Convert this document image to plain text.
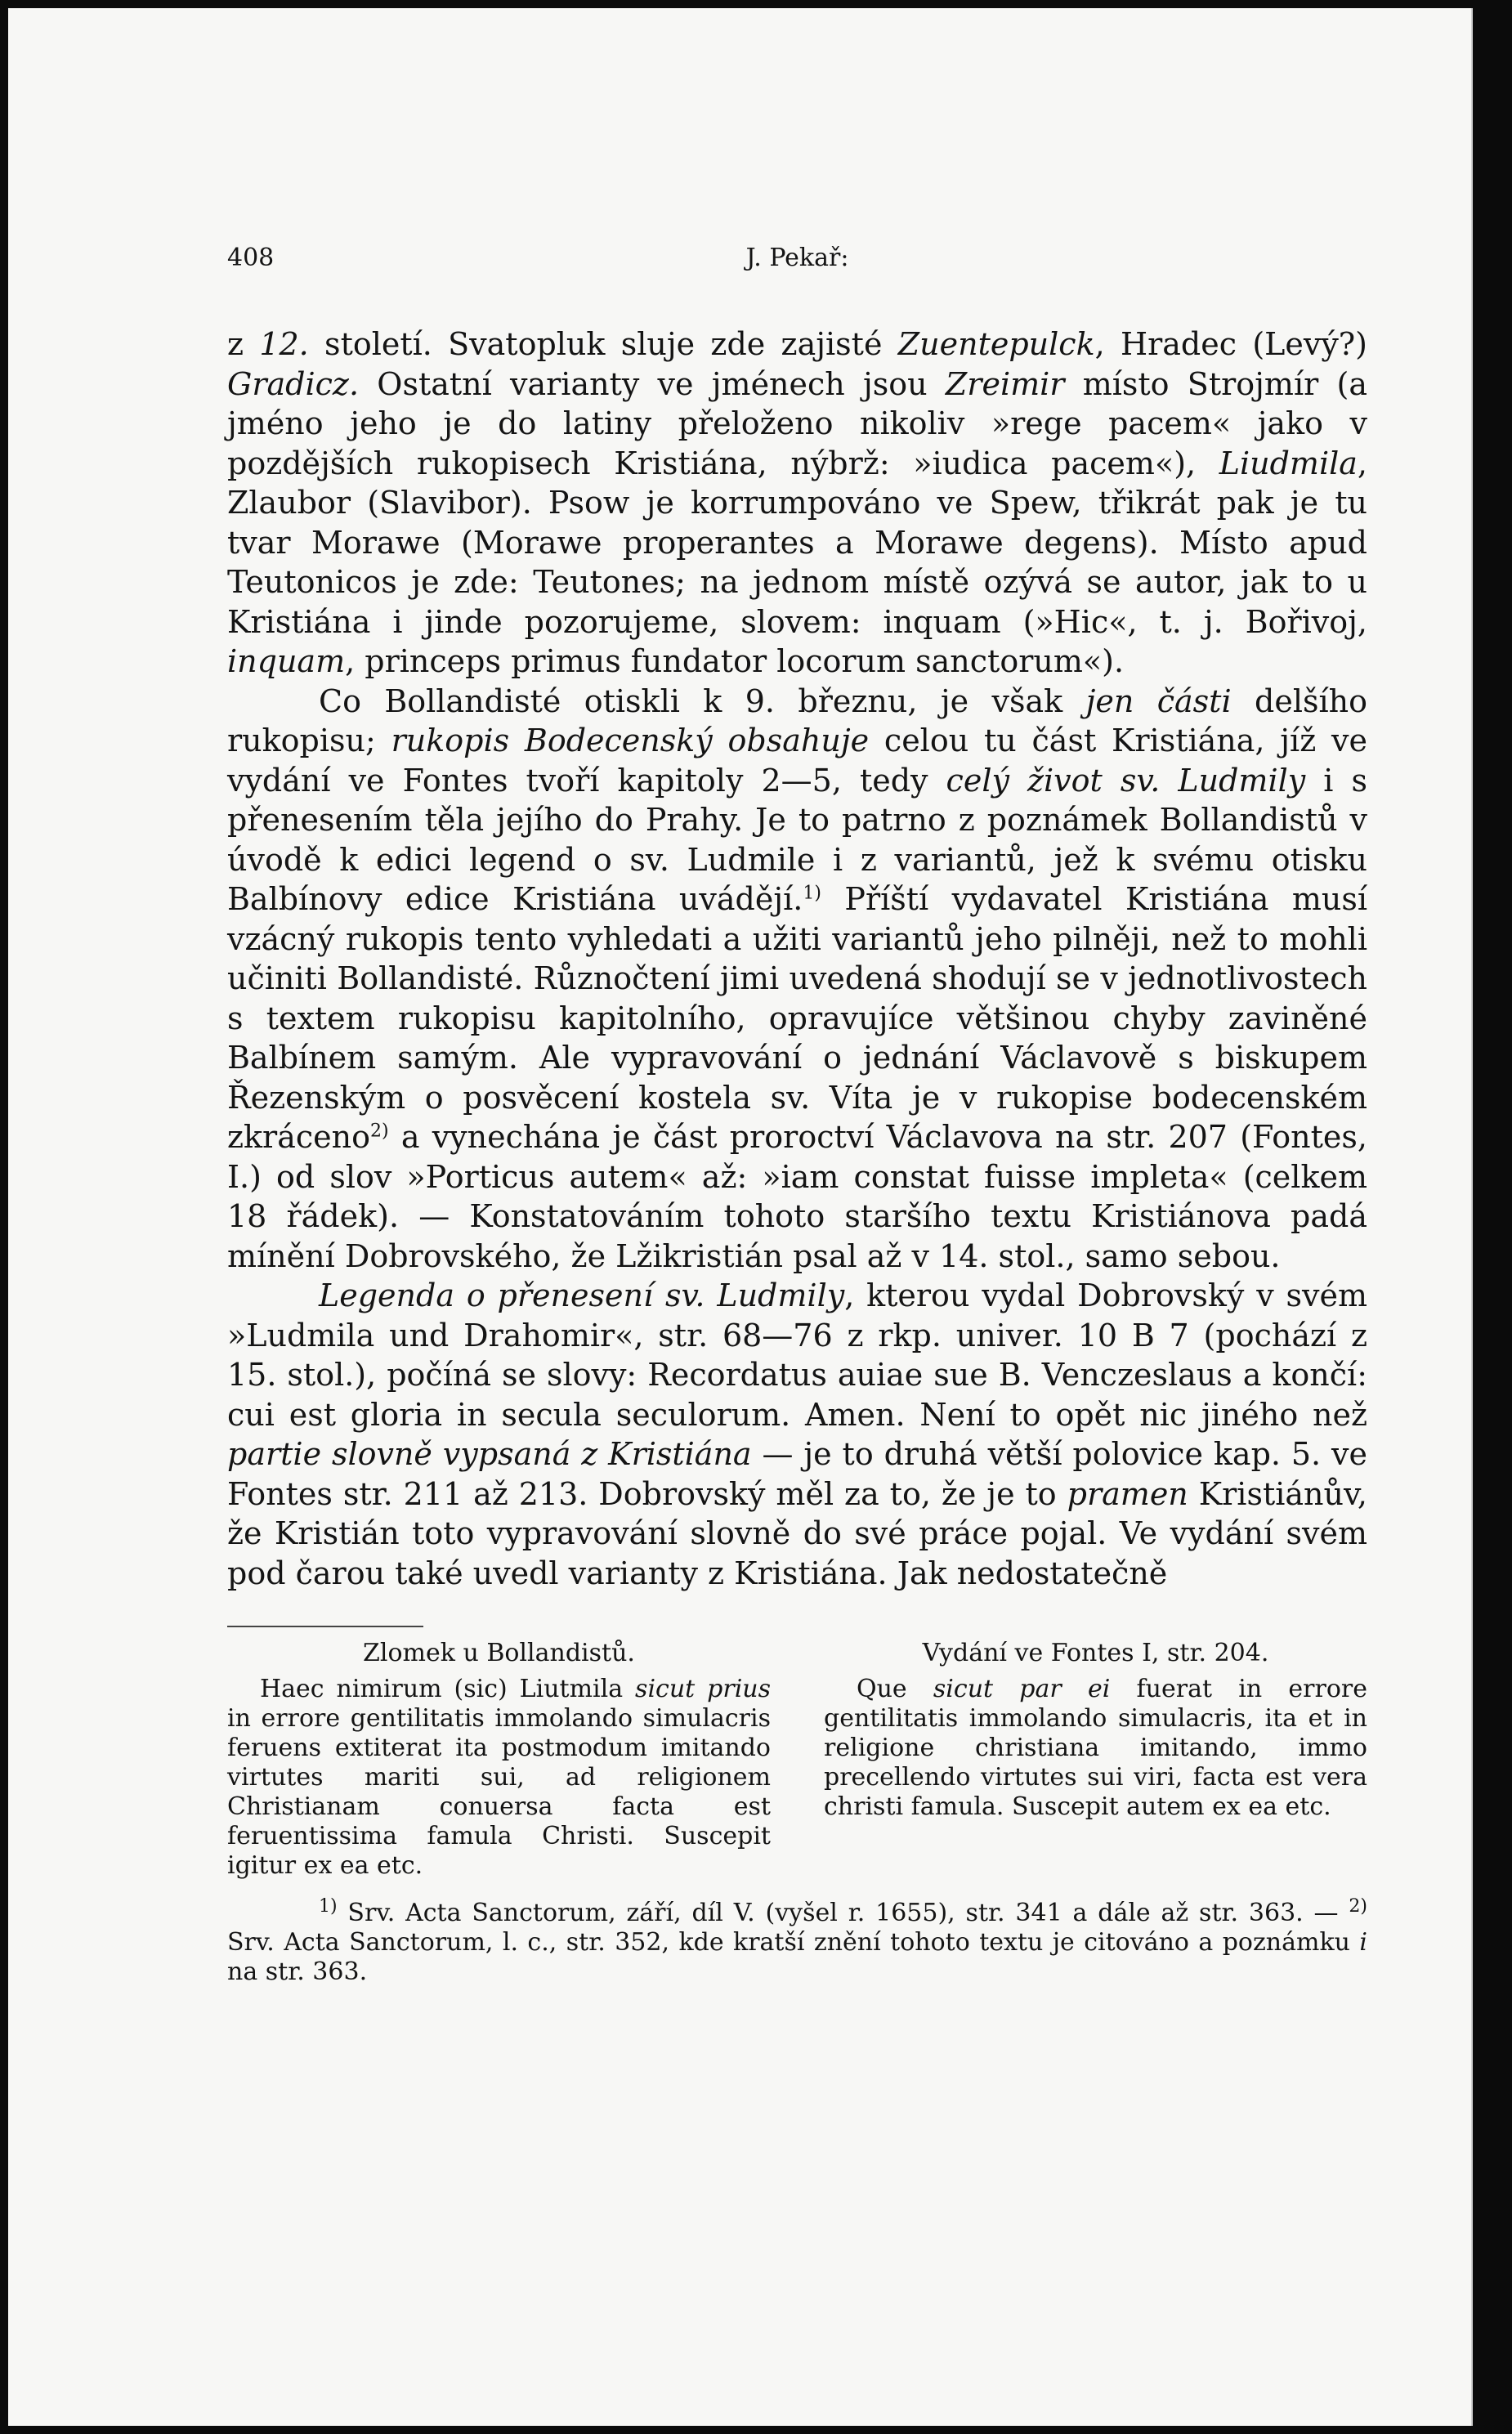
408	J. Pekař:

z 12. století. Svatopluk sluje zde zajisté Zuentepulck, Hradec (Levý?) Gradicz. Ostatní varianty ve jménech jsou Zreimir místo Strojmír (a jméno jeho je do latiny přeloženo nikoliv »rege pacem« jako v pozdějších rukopisech Kristiána, nýbrž: »iudica pacem«), Liudmila, Zlaubor (Slavibor). Psow je korrumpováno ve Spew, třikrát pak je tu tvar Morawe (Morawe properantes a Morawe degens). Místo apud Teutonicos je zde: Teutones; na jednom místě ozývá se autor, jak to u Kristiána i jinde pozorujeme, slovem: inquam (»Hic«, t. j. Bořivoj, inquam, princeps primus fundator locorum sanctorum«).

Co Bollandisté otiskli k 9. březnu, je však jen části delšího rukopisu; rukopis Bodecenský obsahuje celou tu část Kristiána, jíž ve vydání ve Fontes tvoří kapitoly 2—5, tedy celý život sv. Ludmily i s přenesením těla jejího do Prahy. Je to patrno z poznámek Bollandistů v úvodě k edici legend o sv. Ludmile i z variantů, jež k svému otisku Balbínovy edice Kristiána uvádějí.$^{1)}$ Příští vydavatel Kristiána musí vzácný rukopis tento vyhledati a užiti variantů jeho pilněji, než to mohli učiniti Bollandisté. Různočtení jimi uvedená shodují se v jednotlivostech s textem rukopisu kapitolního, opravujíce většinou chyby zaviněné Balbínem samým. Ale vypravování o jednání Václavově s biskupem Řezenským o posvěcení kostela sv. Víta je v rukopise bodecenském zkráceno$^{2)}$ a vynechána je část proroctví Václavova na str. 207 (Fontes, I.) od slov »Porticus autem« až: »iam constat fuisse impleta« (celkem 18 řádek). — Konstatováním tohoto staršího textu Kristiánova padá mínění Dobrovského, že Lžikristián psal až v 14. stol., samo sebou.

Legenda o přenesení sv. Ludmily, kterou vydal Dobrovský v svém »Ludmila und Drahomir«, str. 68—76 z rkp. univer. 10 B 7 (pochází z 15. stol.), počíná se slovy: Recordatus auiae sue B. Venczeslaus a končí: cui est gloria in secula seculorum. Amen. Není to opět nic jiného než partie slovně vypsaná z Kristiána — je to druhá větší polovice kap. 5. ve Fontes str. 211 až 213. Dobrovský měl za to, že je to pramen Kristiánův, že Kristián toto vypravování slovně do své práce pojal. Ve vydání svém pod čarou také uvedl varianty z Kristiána. Jak nedostatečně

Zlomek u Bollandistů.

Haec nimirum (sic) Liutmila sicut prius in errore gentilitatis immolando simulacris feruens extiterat ita postmodum imitando virtutes mariti sui, ad religionem Christianam conuersa facta est feruentissima famula Christi. Suscepit igitur ex ea etc.

Vydání ve Fontes I, str. 204.

Que sicut par ei fuerat in errore gentilitatis immolando simulacris, ita et in religione christiana imitando, immo precellendo virtutes sui viri, facta est vera christi famula. Suscepit autem ex ea etc.

$^{1)}$ Srv. Acta Sanctorum, září, díl V. (vyšel r. 1655), str. 341 a dále až str. 363. — $^{2)}$ Srv. Acta Sanctorum, l. c., str. 352, kde kratší znění tohoto textu je citováno a poznámku i na str. 363.
